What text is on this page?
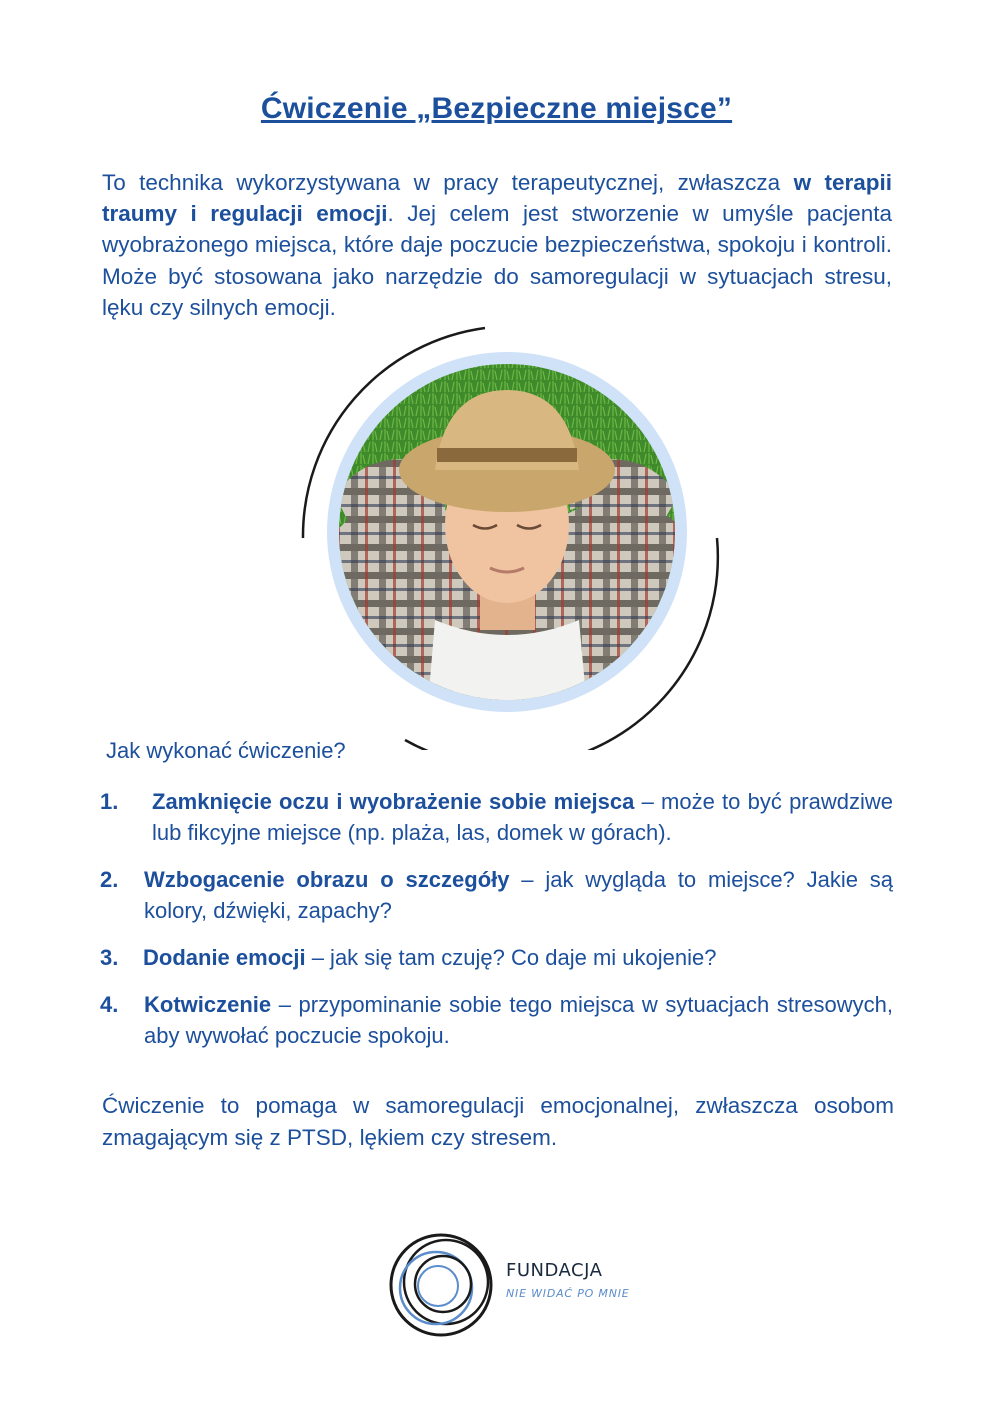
Ćwiczenie „Bezpieczne miejsce”
To technika wykorzystywana w pracy terapeutycznej, zwłaszcza w terapii traumy i regulacji emocji. Jej celem jest stworzenie w umyśle pacjenta wyobrażonego miejsca, które daje poczucie bezpieczeństwa, spokoju i kontroli. Może być stosowana jako narzędzie do samoregulacji w sytuacjach stresu, lęku czy silnych emocji.
Jak wykonać ćwiczenie?
1.	Zamknięcie oczu i wyobrażenie sobie miejsca – może to być prawdziwe lub fikcyjne miejsce (np. plaża, las, domek w górach).
2.	Wzbogacenie obrazu o szczegóły – jak wygląda to miejsce? Jakie są kolory, dźwięki, zapachy?
3.	Dodanie emocji – jak się tam czuję? Co daje mi ukojenie?
4.	Kotwiczenie – przypominanie sobie tego miejsca w sytuacjach stresowych, aby wywołać poczucie spokoju.
Ćwiczenie to pomaga w samoregulacji emocjonalnej, zwłaszcza osobom zmagającym się z PTSD, lękiem czy stresem.
FUNDACJA
NIE WIDAĆ PO MNIE
